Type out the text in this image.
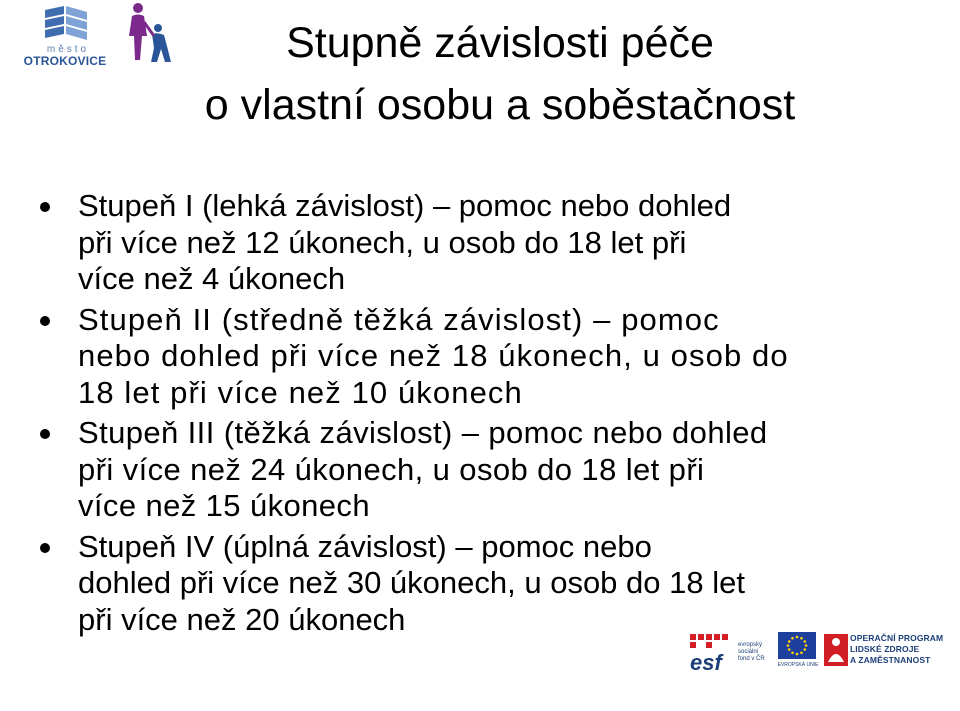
město
OTROKOVICE	Stupně závislosti péče
o vlastní osobu a soběstačnost
Stupeň I (lehká závislost) – pomoc nebo dohled
při více než 12 úkonech, u osob do 18 let při
více než 4 úkonech
Stupeň II (středně těžká závislost) – pomoc
nebo dohled při více než 18 úkonech, u osob do
18 let při více než 10 úkonech
Stupeň III (těžká závislost) – pomoc nebo dohled
při více než 24 úkonech, u osob do 18 let při
více než 15 úkonech
Stupeň IV (úplná závislost) – pomoc nebo
dohled při více než 30 úkonech, u osob do 18 let
při více než 20 úkonech
esf
evropský
sociální
fond v ČR
EVROPSKÁ UNIE
OPERAČNÍ PROGRAM
LIDSKÉ ZDROJE
A ZAMĚSTNANOST
